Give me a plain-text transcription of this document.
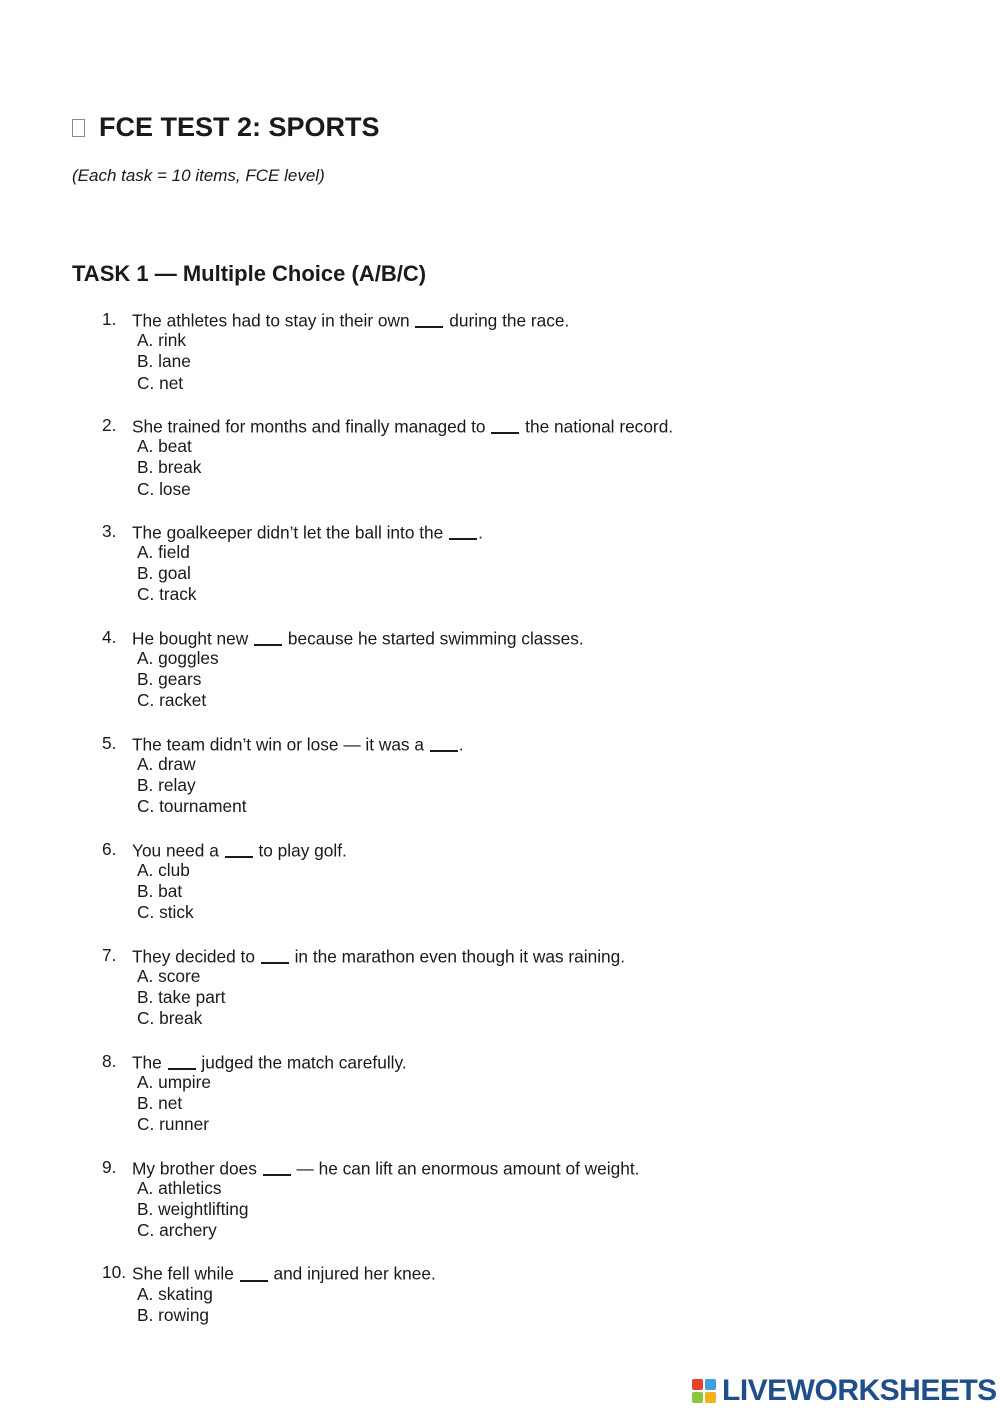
FCE TEST 2: SPORTS

(Each task = 10 items, FCE level)

TASK 1 — Multiple Choice (A/B/C)
1. The athletes had to stay in their own during the race.
A. rink
B. lane
C. net
2. She trained for months and finally managed to the national record.
A. beat
B. break
C. lose
3. The goalkeeper didn’t let the ball into the .
A. field
B. goal
C. track
4. He bought new because he started swimming classes.
A. goggles
B. gears
C. racket
5. The team didn’t win or lose — it was a .
A. draw
B. relay
C. tournament
6. You need a to play golf.
A. club
B. bat
C. stick
7. They decided to in the marathon even though it was raining.
A. score
B. take part
C. break
8. The judged the match carefully.
A. umpire
B. net
C. runner
9. My brother does — he can lift an enormous amount of weight.
A. athletics
B. weightlifting
C. archery
10. She fell while and injured her knee.
A. skating
B. rowing
LIVEWORKSHEETS
